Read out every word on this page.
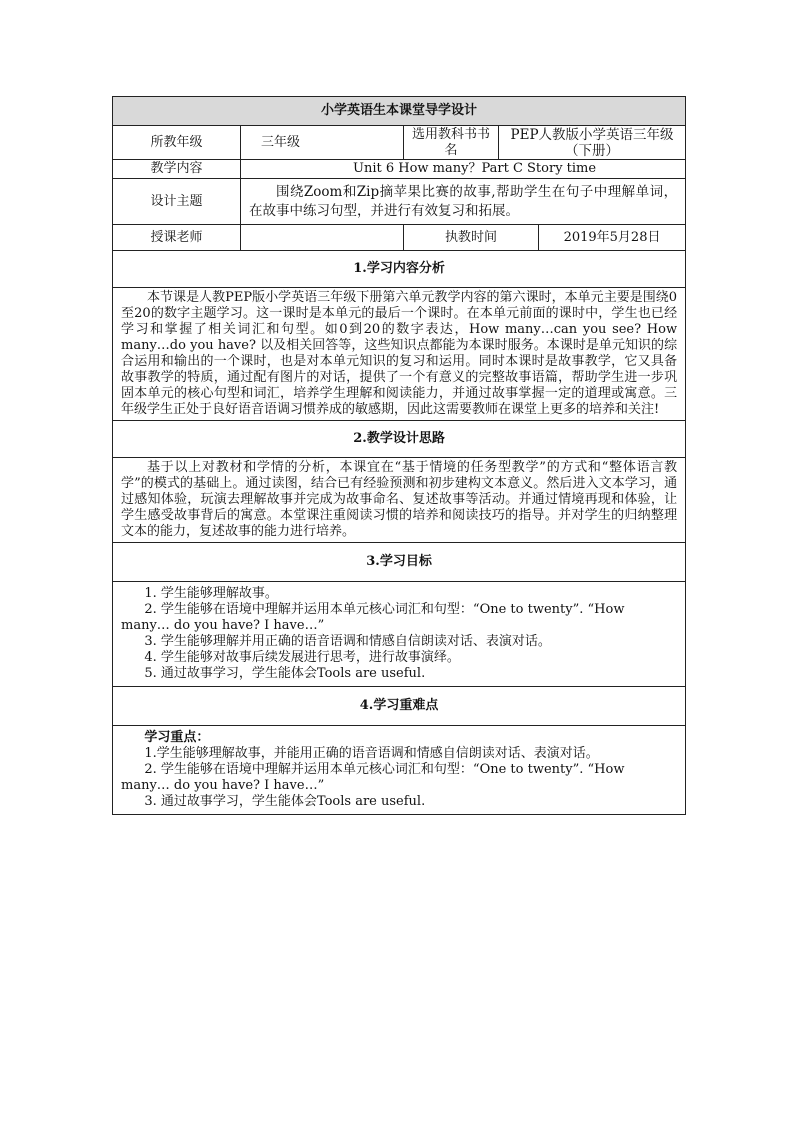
小学英语生本课堂导学设计				
所教年级	三年级	选用教科书书名	PEP人教版小学英语三年级（下册）	
教学内容	Unit 6 How many？Part C Story time			
设计主题	围绕Zoom和Zip摘苹果比赛的故事,帮助学生在句子中理解单词，在故事中练习句型，并进行有效复习和拓展。			
授课老师		执教时间		2019年5月28日
1.学习内容分析				
本节课是人教PEP版小学英语三年级下册第六单元教学内容的第六课时，本单元主要是围绕0至20的数字主题学习。这一课时是本单元的最后一个课时。在本单元前面的课时中，学生也已经学习和掌握了相关词汇和句型。如0到20的数字表达，How many…can you see? How many…do you have? 以及相关回答等，这些知识点都能为本课时服务。本课时是单元知识的综合运用和输出的一个课时，也是对本单元知识的复习和运用。同时本课时是故事教学，它又具备故事教学的特质，通过配有图片的对话，提供了一个有意义的完整故事语篇，帮助学生进一步巩固本单元的核心句型和词汇，培养学生理解和阅读能力，并通过故事掌握一定的道理或寓意。三年级学生正处于良好语音语调习惯养成的敏感期，因此这需要教师在课堂上更多的培养和关注!				
2.教学设计思路				
基于以上对教材和学情的分析，本课宜在“基于情境的任务型教学”的方式和“整体语言教学”的模式的基础上。通过读图，结合已有经验预测和初步建构文本意义。然后进入文本学习，通过感知体验，玩演去理解故事并完成为故事命名、复述故事等活动。并通过情境再现和体验，让学生感受故事背后的寓意。本堂课注重阅读习惯的培养和阅读技巧的指导。并对学生的归纳整理文本的能力，复述故事的能力进行培养。				
3.学习目标				

1. 学生能够理解故事。
2. 学生能够在语境中理解并运用本单元核心词汇和句型：“One to twenty”. “How many… do you have? I have…”
3. 学生能够理解并用正确的语音语调和情感自信朗读对话、表演对话。
4. 学生能够对故事后续发展进行思考，进行故事演绎。
5. 通过故事学习，学生能体会Tools are useful.				

4.学习重难点				

学习重点：
1.学生能够理解故事，并能用正确的语音语调和情感自信朗读对话、表演对话。
2. 学生能够在语境中理解并运用本单元核心词汇和句型：“One to twenty”. “How many… do you have? I have…”
3. 通过故事学习，学生能体会Tools are useful.				
